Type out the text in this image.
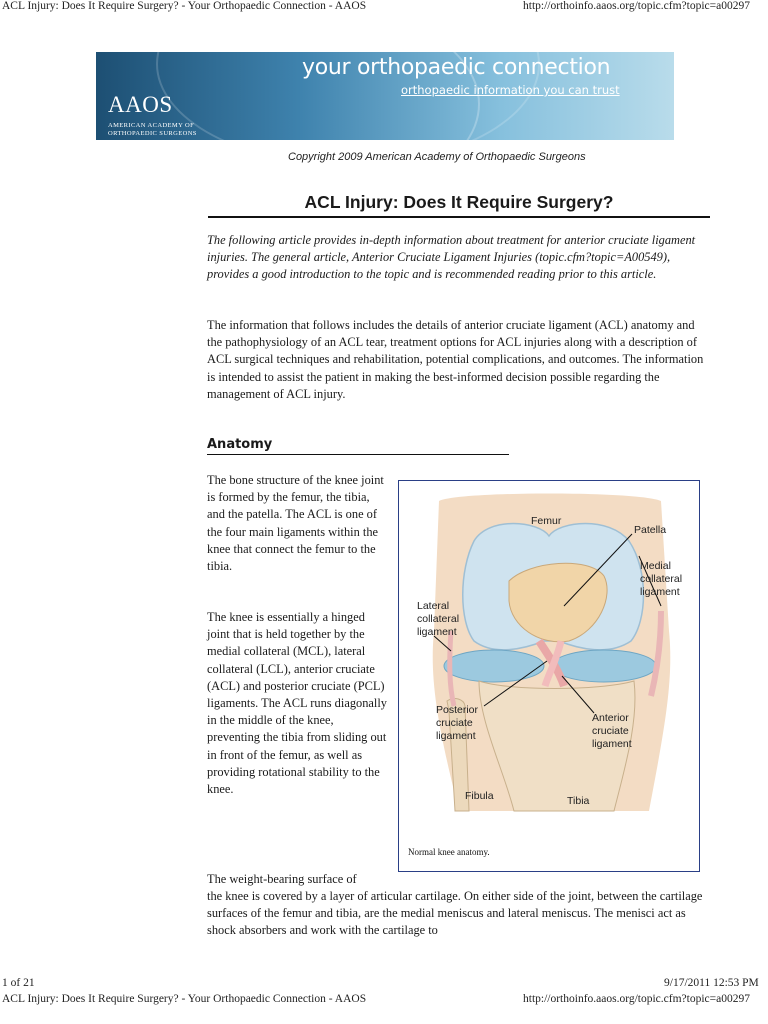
ACL Injury: Does It Require Surgery? - Your Orthopaedic Connection - AAOS	http://orthoinfo.aaos.org/topic.cfm?topic=a00297
AAOS
AMERICAN ACADEMY OF ORTHOPAEDIC SURGEONS
your orthopaedic connection
orthopaedic information you can trust
Copyright 2009 American Academy of Orthopaedic Surgeons
ACL Injury: Does It Require Surgery?
The following article provides in-depth information about treatment for anterior cruciate ligament injuries. The general article, Anterior Cruciate Ligament Injuries (topic.cfm?topic=A00549), provides a good introduction to the topic and is recommended reading prior to this article.
The information that follows includes the details of anterior cruciate ligament (ACL) anatomy and the pathophysiology of an ACL tear, treatment options for ACL injuries along with a description of ACL surgical techniques and rehabilitation, potential complications, and outcomes. The information is intended to assist the patient in making the best-informed decision possible regarding the management of ACL injury.
Anatomy
The bone structure of the knee joint is formed by the femur, the tibia, and the patella. The ACL is one of the four main ligaments within the knee that connect the femur to the tibia.
The knee is essentially a hinged joint that is held together by the medial collateral (MCL), lateral collateral (LCL), anterior cruciate (ACL) and posterior cruciate (PCL) ligaments. The ACL runs diagonally in the middle of the knee, preventing the tibia from sliding out in front of the femur, as well as providing rotational stability to the knee.
The weight-bearing surface of
the knee is covered by a layer of articular cartilage. On either side of the joint, between the cartilage surfaces of the femur and tibia, are the medial meniscus and lateral meniscus. The menisci act as shock absorbers and work with the cartilage to
Femur
Patella
Medial
collateral
ligament
Lateral
collateral
ligament
Posterior
cruciate
ligament
Anterior
cruciate
ligament
Fibula	Tibia
Normal knee anatomy.
1 of 21	9/17/2011 12:53 PM
ACL Injury: Does It Require Surgery? - Your Orthopaedic Connection - AAOS	http://orthoinfo.aaos.org/topic.cfm?topic=a00297
